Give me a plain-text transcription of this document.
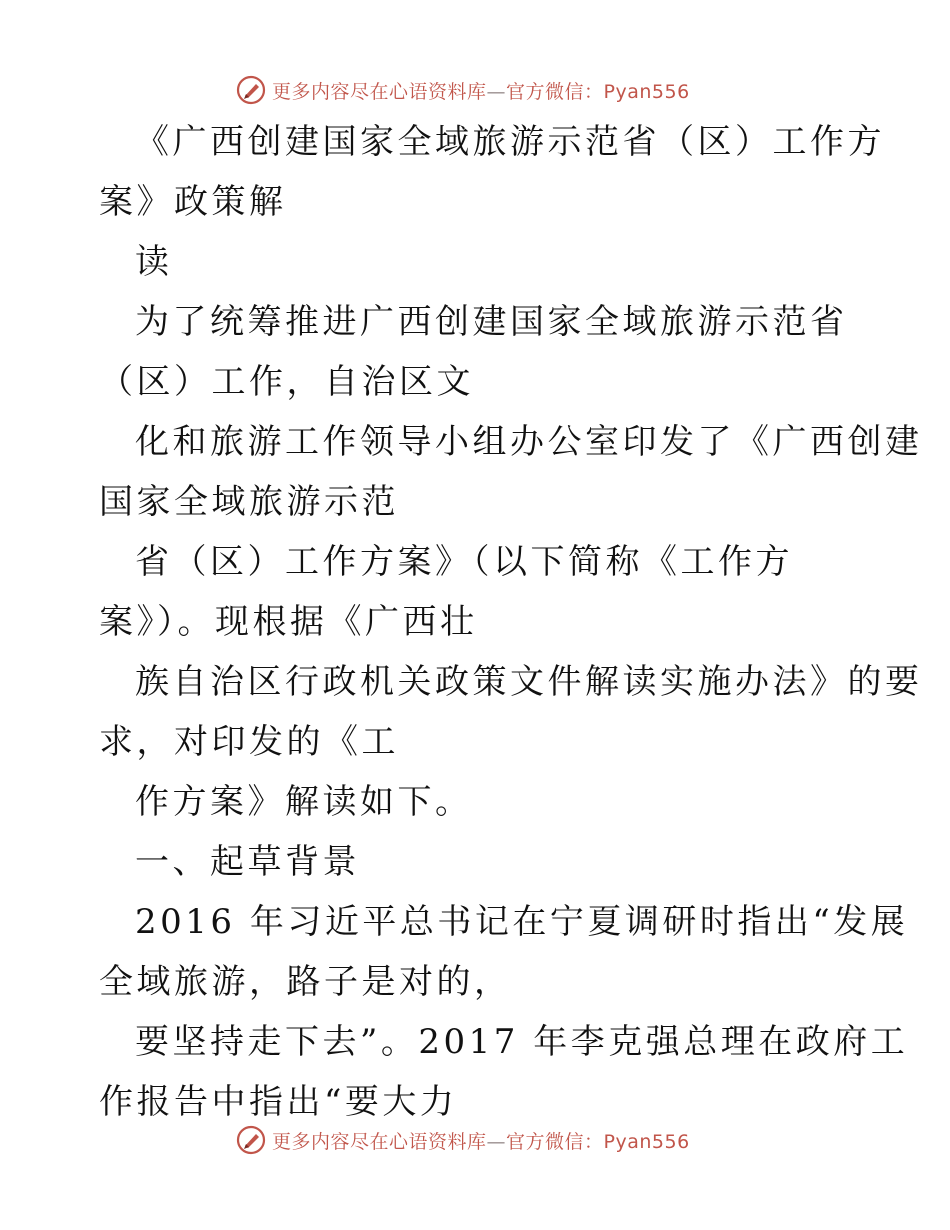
更多内容尽在心语资料库—官方微信：Pyan556
《广西创建国家全域旅游示范省（区）工作方
案》政策解
读
为了统筹推进广西创建国家全域旅游示范省
（区）工作，自治区文
化和旅游工作领导小组办公室印发了《广西创建
国家全域旅游示范
省（区）工作方案》（以下简称《工作方
案》）。现根据《广西壮
族自治区行政机关政策文件解读实施办法》的要
求，对印发的《工
作方案》解读如下。
一、起草背景
2016 年习近平总书记在宁夏调研时指出“发展
全域旅游，路子是对的，
要坚持走下去”。2017 年李克强总理在政府工
作报告中指出“要大力
更多内容尽在心语资料库—官方微信：Pyan556
